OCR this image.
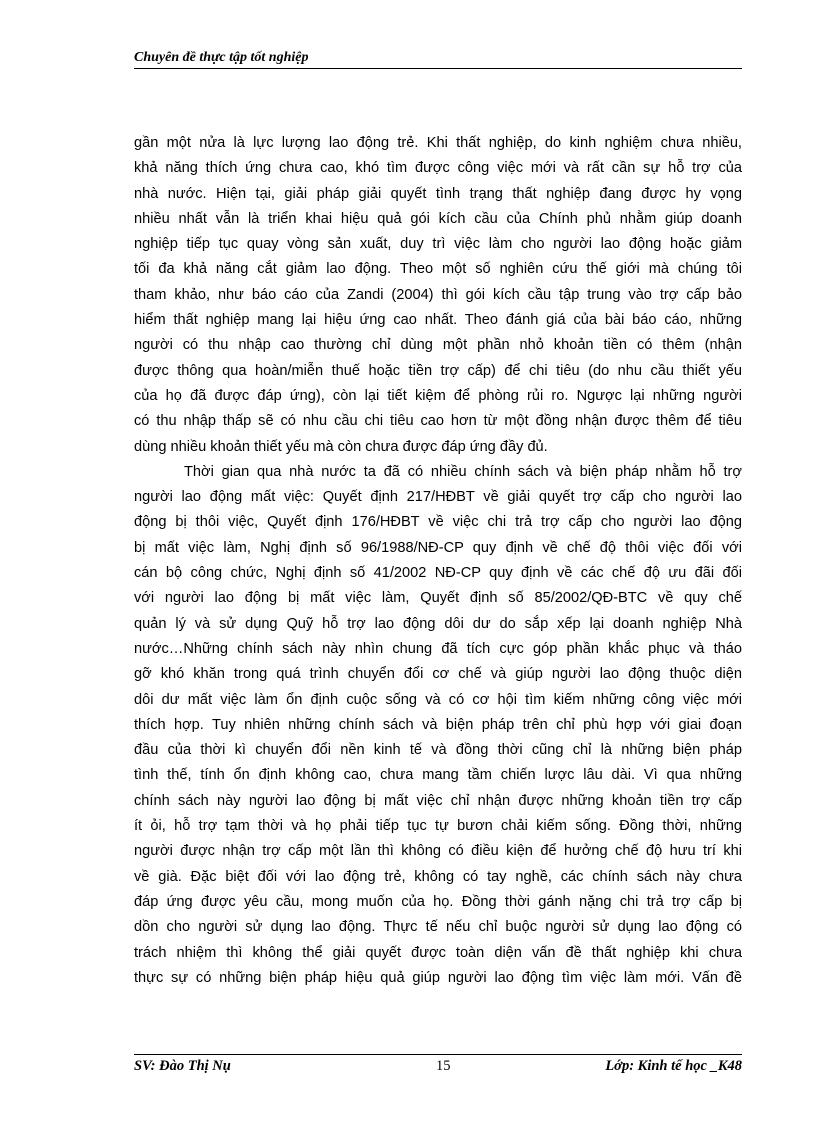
Chuyên đề thực tập tốt nghiệp
gần một nửa là lực lượng lao động trẻ. Khi thất nghiệp, do kinh nghiệm chưa nhiều,
khả năng thích ứng chưa cao, khó tìm được công việc mới và rất cần sự hỗ trợ của
nhà nước. Hiện tại, giải pháp giải quyết tình trạng thất nghiệp đang được hy vọng
nhiều nhất vẫn là triển khai hiệu quả gói kích cầu của Chính phủ nhằm giúp doanh
nghiệp tiếp tục quay vòng sản xuất, duy trì việc làm cho người lao động hoặc giảm
tối đa khả năng cắt giảm lao động. Theo một số nghiên cứu thế giới mà chúng tôi
tham khảo, như báo cáo của Zandi (2004) thì gói kích cầu tập trung vào trợ cấp bảo
hiểm thất nghiệp mang lại hiệu ứng cao nhất. Theo đánh giá của bài báo cáo, những
người có thu nhập cao thường chỉ dùng một phần nhỏ khoản tiền có thêm (nhận
được thông qua hoàn/miễn thuế hoặc tiền trợ cấp) để chi tiêu (do nhu cầu thiết yếu
của họ đã được đáp ứng), còn lại tiết kiệm để phòng rủi ro. Ngược lại những người
có thu nhập thấp sẽ có nhu cầu chi tiêu cao hơn từ một đồng nhận được thêm để tiêu
dùng nhiều khoản thiết yếu mà còn chưa được đáp ứng đầy đủ.
Thời gian qua nhà nước ta đã có nhiều chính sách và biện pháp nhằm hỗ trợ
người lao động mất việc: Quyết định 217/HĐBT về giải quyết trợ cấp cho người lao
động bị thôi việc, Quyết định 176/HĐBT về việc chi trả trợ cấp cho người lao động
bị mất việc làm, Nghị định số 96/1988/NĐ-CP quy định về chế độ thôi việc đối với
cán bộ công chức, Nghị định số 41/2002 NĐ-CP quy định về các chế độ ưu đãi đối
với người lao động bị mất việc làm, Quyết định số 85/2002/QĐ-BTC về quy chế
quản lý và sử dụng Quỹ hỗ trợ lao động dôi dư do sắp xếp lại doanh nghiệp Nhà
nước…Những chính sách này nhìn chung đã tích cực góp phần khắc phục và tháo
gỡ khó khăn trong quá trình chuyển đổi cơ chế và giúp người lao động thuộc diện
dôi dư mất việc làm ổn định cuộc sống và có cơ hội tìm kiếm những công việc mới
thích hợp. Tuy nhiên những chính sách và biện pháp trên chỉ phù hợp với giai đoạn
đầu của thời kì chuyển đổi nền kinh tế và đồng thời cũng chỉ là những biện pháp
tình thế, tính ổn định không cao, chưa mang tầm chiến lược lâu dài. Vì qua những
chính sách này người lao động bị mất việc chỉ nhận được những khoản tiền trợ cấp
ít ỏi, hỗ trợ tạm thời và họ phải tiếp tục tự bươn chải kiếm sống. Đồng thời, những
người được nhận trợ cấp một lần thì không có điều kiện để hưởng chế độ hưu trí khi
về già. Đặc biệt đối với lao động trẻ, không có tay nghề, các chính sách này chưa
đáp ứng được yêu cầu, mong muốn của họ. Đồng thời gánh nặng chi trả trợ cấp bị
dồn cho người sử dụng lao động. Thực tế nếu chỉ buộc người sử dụng lao động có
trách nhiệm thì không thể giải quyết được toàn diện vấn đề thất nghiệp khi chưa
thực sự có những biện pháp hiệu quả giúp người lao động tìm việc làm mới. Vấn đề
SV: Đào Thị Nụ	15	Lớp: Kinh tế học _K48
